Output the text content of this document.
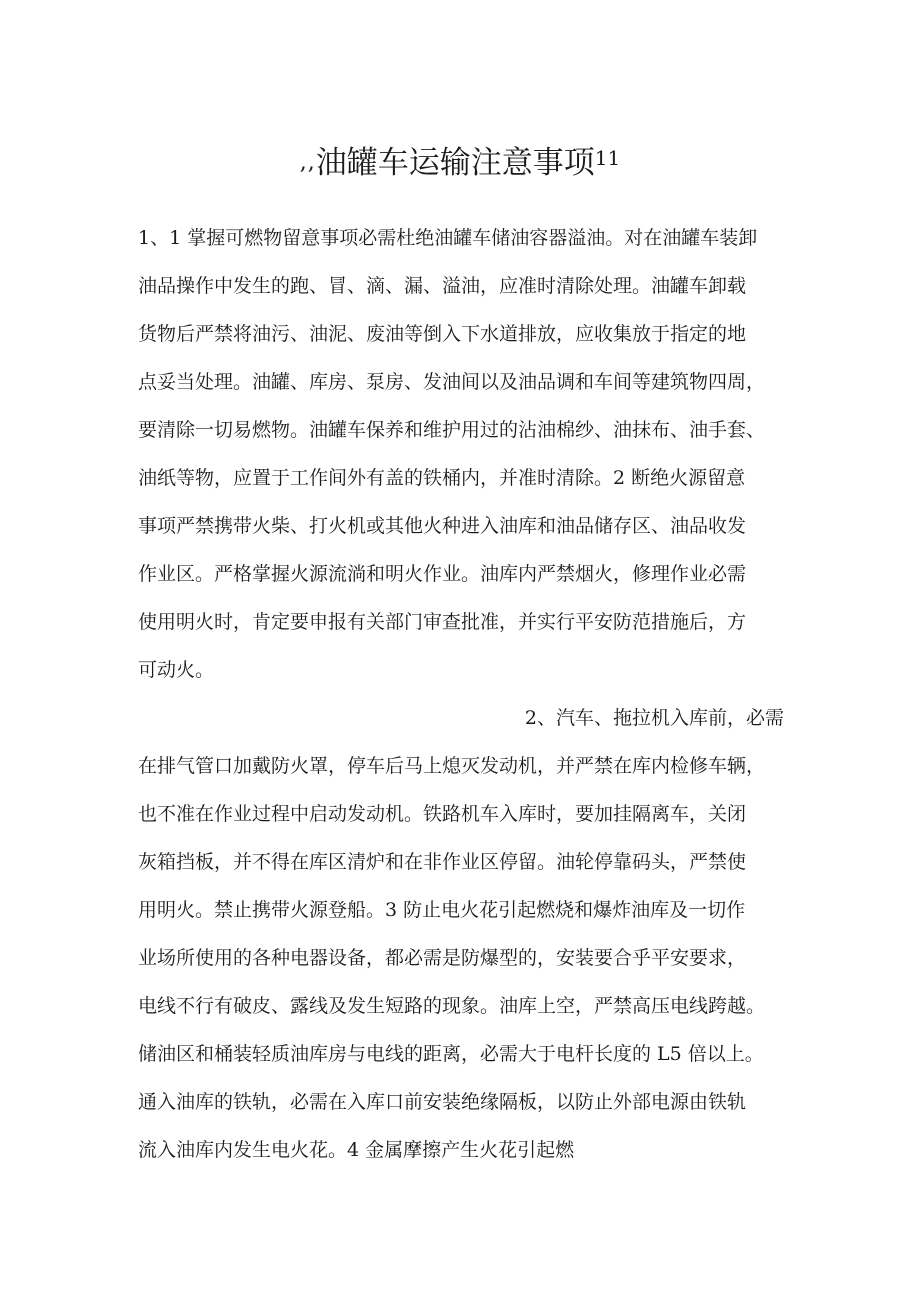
,,油罐车运输注意事项$^{11}$
1、1 掌握可燃物留意事项必需杜绝油罐车储油容器溢油。对在油罐车装卸
油品操作中发生的跑、冒、滴、漏、溢油，应准时清除处理。油罐车卸载
货物后严禁将油污、油泥、废油等倒入下水道排放，应收集放于指定的地
点妥当处理。油罐、库房、泵房、发油间以及油品调和车间等建筑物四周，
要清除一切易燃物。油罐车保养和维护用过的沾油棉纱、油抹布、油手套、
油纸等物，应置于工作间外有盖的铁桶内，并准时清除。2 断绝火源留意
事项严禁携带火柴、打火机或其他火种进入油库和油品储存区、油品收发
作业区。严格掌握火源流淌和明火作业。油库内严禁烟火，修理作业必需
使用明火时，肯定要申报有关部门审查批准，并实行平安防范措施后，方
可动火。
2、汽车、拖拉机入库前，必需
在排气管口加戴防火罩，停车后马上熄灭发动机，并严禁在库内检修车辆，
也不准在作业过程中启动发动机。铁路机车入库时，要加挂隔离车，关闭
灰箱挡板，并不得在库区清炉和在非作业区停留。油轮停靠码头，严禁使
用明火。禁止携带火源登船。3 防止电火花引起燃烧和爆炸油库及一切作
业场所使用的各种电器设备，都必需是防爆型的，安装要合乎平安要求，
电线不行有破皮、露线及发生短路的现象。油库上空，严禁高压电线跨越。
储油区和桶装轻质油库房与电线的距离，必需大于电杆长度的 L5 倍以上。
通入油库的铁轨，必需在入库口前安装绝缘隔板，以防止外部电源由铁轨
流入油库内发生电火花。4 金属摩擦产生火花引起燃
